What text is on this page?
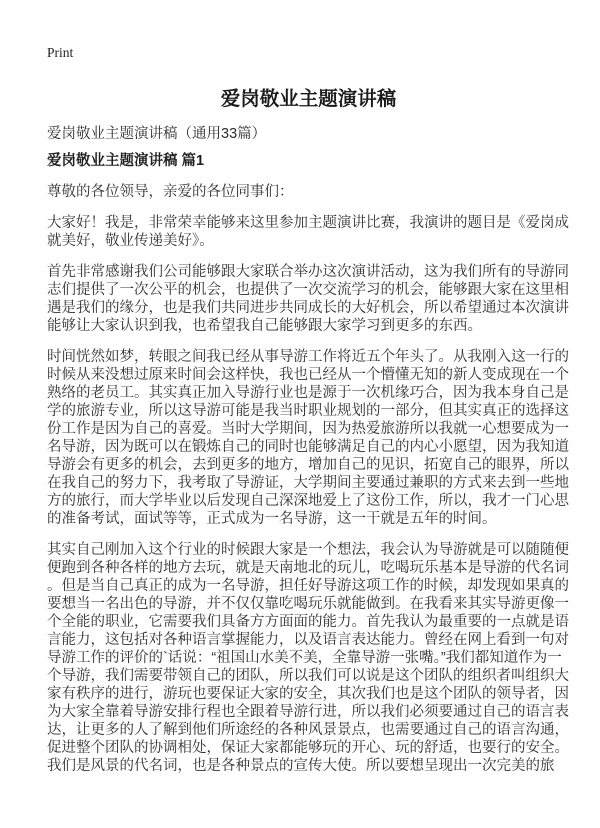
Print
爱岗敬业主题演讲稿
爱岗敬业主题演讲稿（通用33篇）
爱岗敬业主题演讲稿 篇1

尊敬的各位领导，亲爱的各位同事们：

大家好！我是，非常荣幸能够来这里参加主题演讲比赛，我演讲的题目是《爱岗成就美好，敬业传递美好》。

首先非常感谢我们公司能够跟大家联合举办这次演讲活动，这为我们所有的导游同志们提供了一次公平的机会，也提供了一次交流学习的机会，能够跟大家在这里相遇是我们的缘分，也是我们共同进步共同成长的大好机会，所以希望通过本次演讲能够让大家认识到我，也希望我自己能够跟大家学习到更多的东西。

时间恍然如梦，转眼之间我已经从事导游工作将近五个年头了。从我刚入这一行的时候从来没想过原来时间会这样快，我也已经从一个懵懂无知的新人变成现在一个熟络的老员工。其实真正加入导游行业也是源于一次机缘巧合，因为我本身自己是学的旅游专业，所以这导游可能是我当时职业规划的一部分，但其实真正的选择这份工作是因为自己的喜爱。当时大学期间，因为热爱旅游所以我就一心想要成为一名导游，因为既可以在锻炼自己的同时也能够满足自己的内心小愿望，因为我知道导游会有更多的机会，去到更多的地方，增加自己的见识，拓宽自己的眼界，所以在我自己的努力下，我考取了导游证，大学期间主要通过兼职的方式来去到一些地方的旅行，而大学毕业以后发现自己深深地爱上了这份工作，所以，我才一门心思的准备考试，面试等等，正式成为一名导游，这一干就是五年的时间。

其实自己刚加入这个行业的时候跟大家是一个想法，我会认为导游就是可以随随便便跑到各种各样的地方去玩，就是天南地北的玩儿，吃喝玩乐基本是导游的代名词。但是当自己真正的成为一名导游，担任好导游这项工作的时候，却发现如果真的要想当一名出色的导游，并不仅仅靠吃喝玩乐就能做到。在我看来其实导游更像一个全能的职业，它需要我们具备方方面面的能力。首先我认为最重要的一点就是语言能力，这包括对各种语言掌握能力，以及语言表达能力。曾经在网上看到一句对导游工作的评价的`话说：“祖国山水美不美，全靠导游一张嘴。”我们都知道作为一个导游，我们需要带领自己的团队，所以我们可以说是这个团队的组织者叫组织大家有秩序的进行，游玩也要保证大家的安全，其次我们也是这个团队的领导者，因为大家全靠着导游安排行程也全跟着导游行进，所以我们必须要通过自己的语言表达，让更多的人了解到他们所途经的各种风景景点，也需要通过自己的语言沟通，促进整个团队的协调相处，保证大家都能够玩的开心、玩的舒适，也要行的安全。我们是风景的代名词，也是各种景点的宣传大使。所以要想呈现出一次完美的旅
